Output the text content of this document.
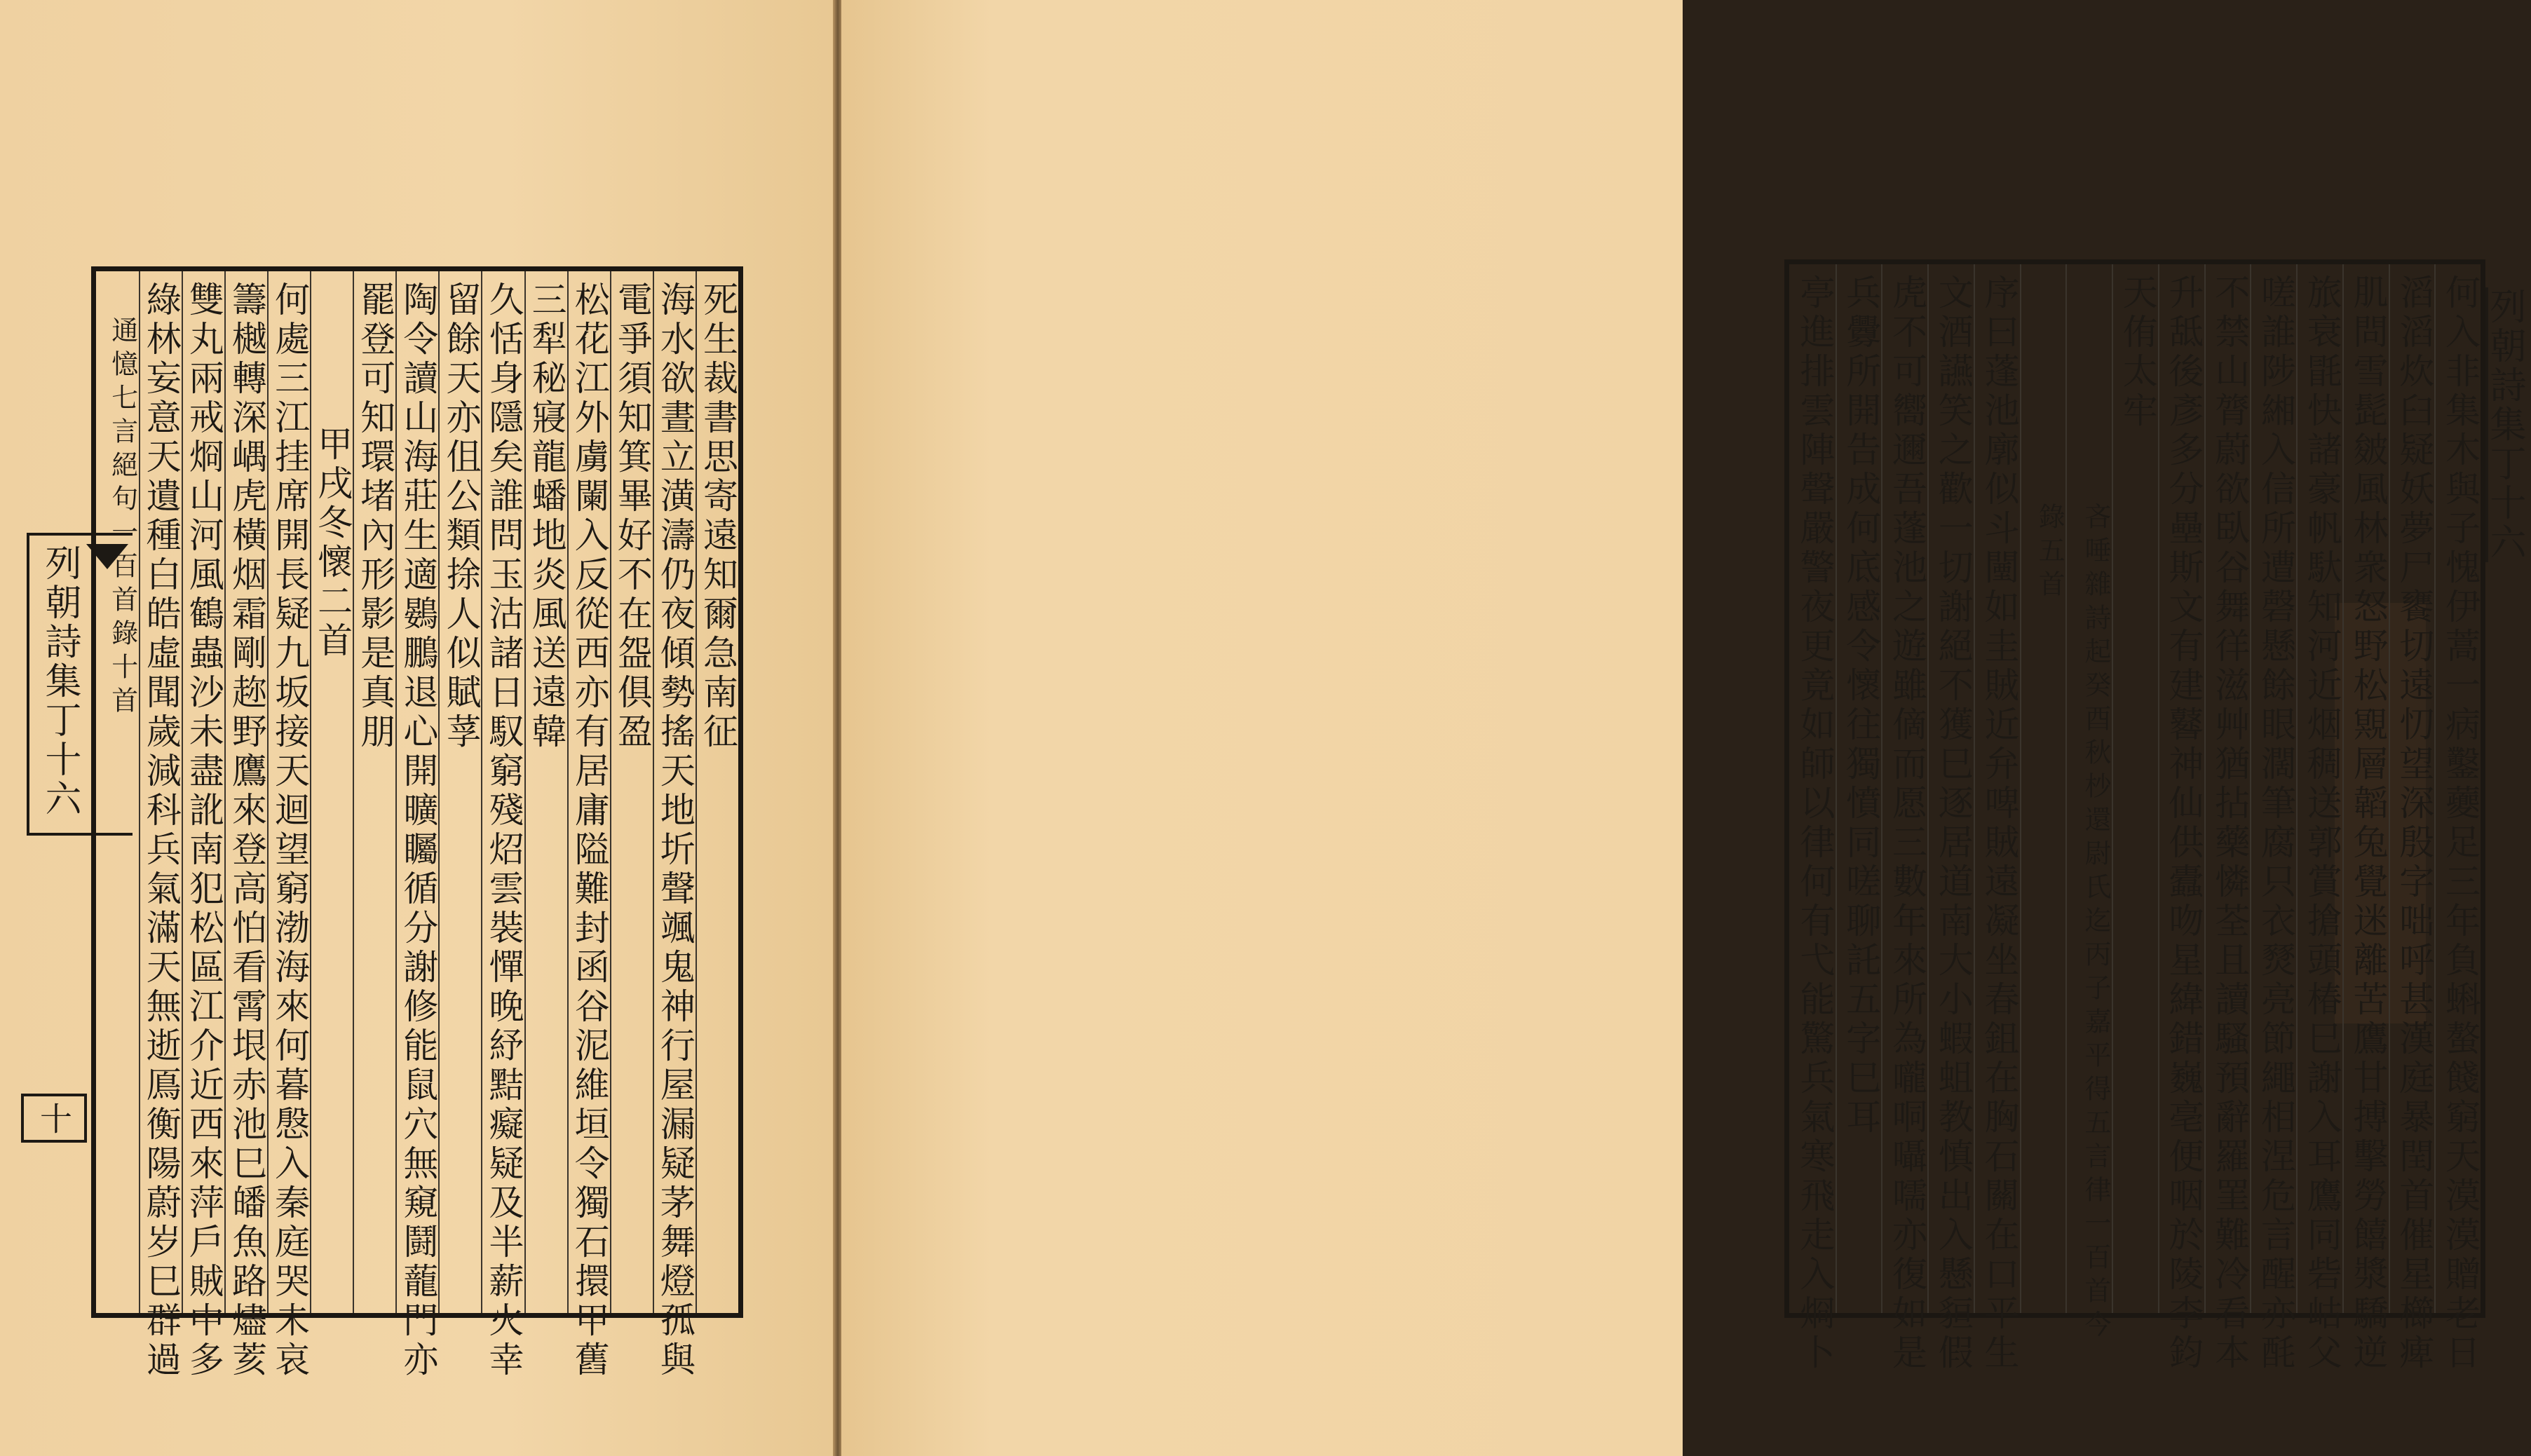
列朝詩集丁十六
十
死生裁書思寄遠知爾急南征
海水欲晝立潢濤仍夜傾勢搖天地圻聲颯鬼神行屋漏疑茅舞燈孤與
電爭須知箕畢好不在盌俱盈
松花江外虜闌入反從西亦有居庸隘難封函谷泥維垣令獨石擐甲舊
三犁秘寢龍蟠地炎風送遠韓
久恬身隱矣誰問玉沽諸日馭窮殘炤雲裝憚晚紓黠癡疑及半薪火幸
留餘天亦伹公類捈人似賦莩
陶令讀山海莊生適鷃鵬退心開曠矚循分謝修能鼠穴無窺鬪蘢門亦
罷登可知環堵內形影是真朋
甲戌冬懷二首
何處三江挂席開長疑九坂接天迴望窮渤海來何暮慇入秦庭哭未哀
籌樾轉深嵎虎橫烟霜剛趂野鷹來登高怕看霄垠赤池巳皤魚路燼荄
雙丸兩戒烱山河風鶴蟲沙未盡訛南犯松區江介近西來萍戶賊中多
綠林妄意天遺種白皓虛聞歲減科兵氣滿天無逝鳫衡陽蔚岁巳群過
通憶七言絕句一百首錄十首	何入非集木與子愧伊蒿一病鑿虁足三年負蝌螯餞窮天漠漠贈老日
滔滔炊臼疑妖夢尸饔切遠忉望深殷字咄呼甚漢庭暴閏首催星櫛痺
肌問雪髭皴風林衆怒野松覭層韜兔覺迷離苦鷹甘搏擊勞饎漿驕逆
旅衰毷快諸豪帆馱知河近烟稠送郭賞搶頭椿巳謝入耳鷹同砦岵父
嗟誰陟緗入信所遭磬懸餘眼濶筆腐只衣燹亮節繩相涅危言醒亦酕
不禁山膂蔚欲臥谷舞徉滋艸猶拈藥憐荃且讀騷預辭羅罣難冷看本
升䑛後彥多分壘斯文有建鼛神仙供蠹吻星緯錯巍亳便咽於陵李鈞
天侑太牢
吝唾雜詩起癸酉秋杪還尉氏迄丙子嘉平得五言律一百首今
錄五首
序曰蓬池廓似斗闉如圭賊近弁啤賊遠凝坐春鉏在胸石關在口平生
文酒讌笑之歡一切謝絕不獲巳逐居道南大小蝦蛆教慎出入懸貆假
虎不可嚮邇吾蓬池之遊雖㒀而愿三數年來所為嚨哃囁嚅亦復如是
兵釁所開告成何底感令懷往獨憤同嗟聊託五字巳耳
亭進排雲陣聲嚴警夜更竟如師以律何有弋能驚兵氣寒飛走入烱卜	列朝詩集丁十六
